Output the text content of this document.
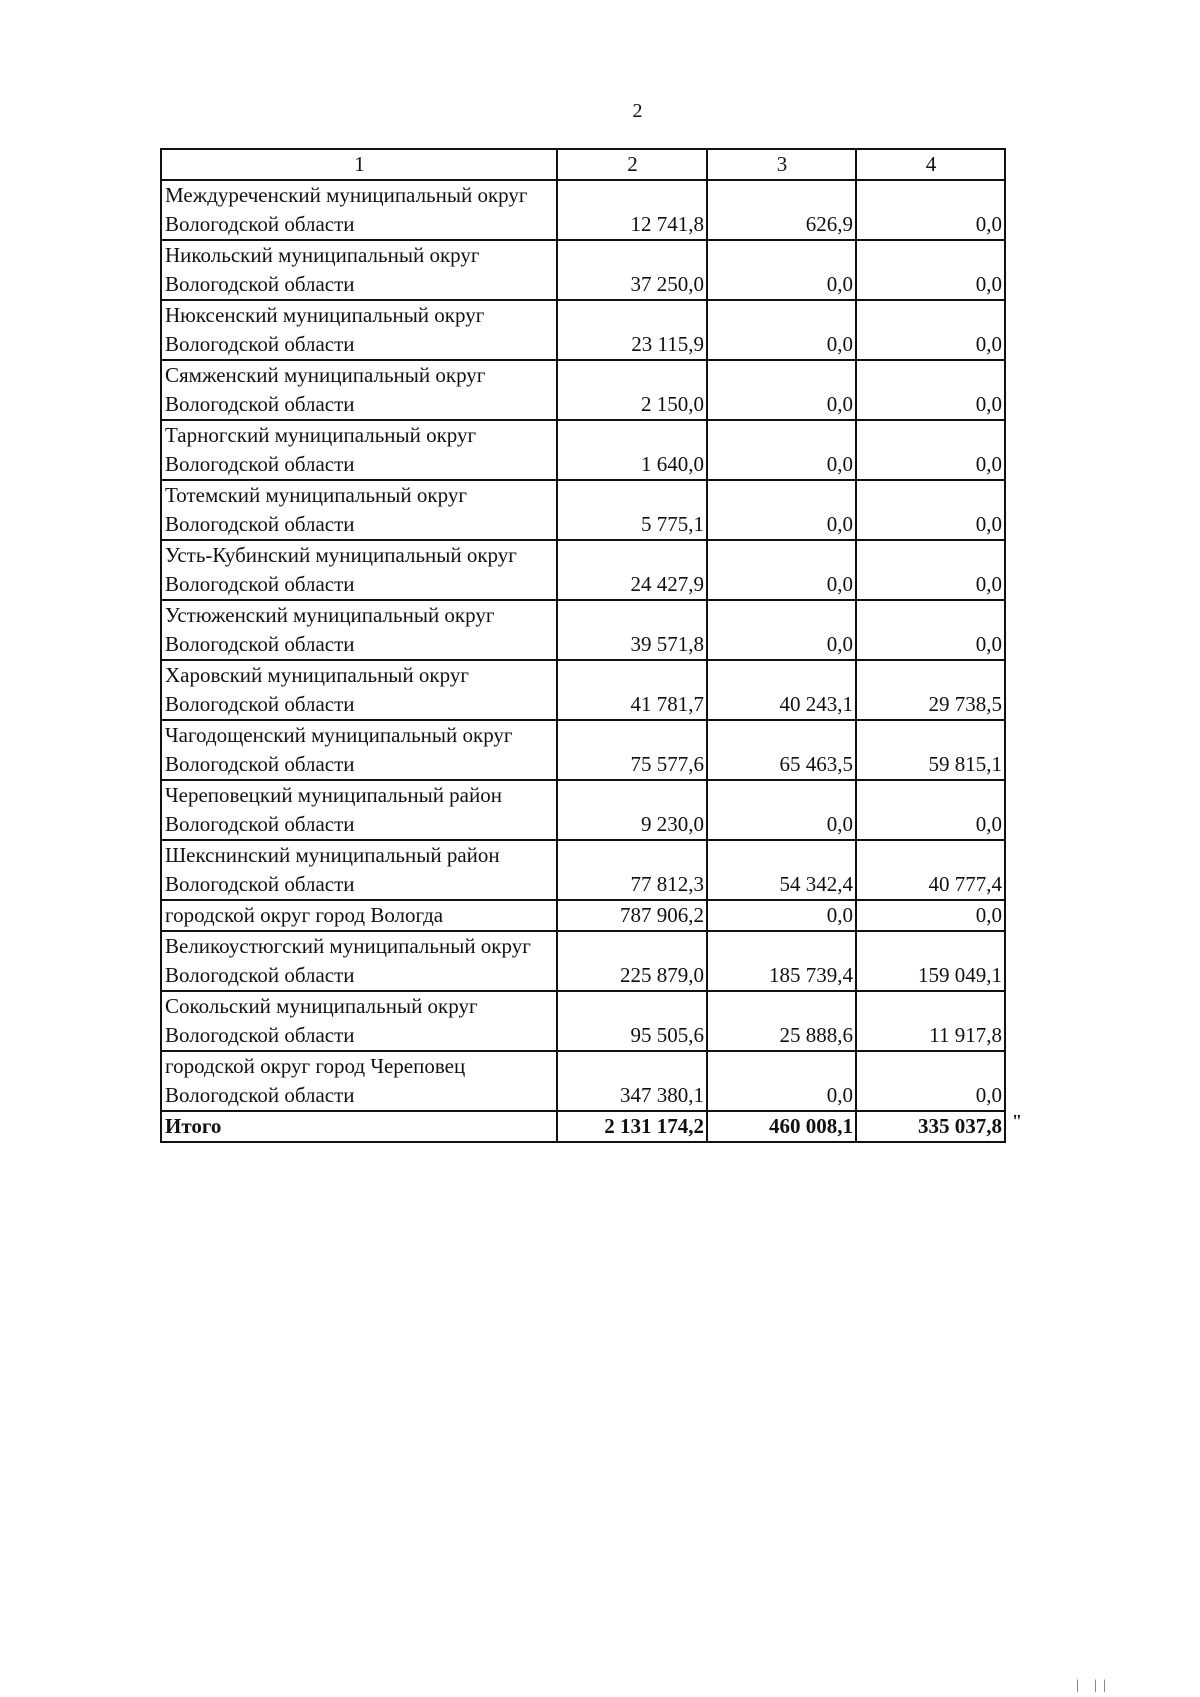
2
1	2	3	4
Междуреченский муниципальный округ Вологодской области	12 741,8	626,9	0,0
Никольский муниципальный округ Вологодской области	37 250,0	0,0	0,0
Нюксенский муниципальный округ Вологодской области	23 115,9	0,0	0,0
Сямженский муниципальный округ Вологодской области	2 150,0	0,0	0,0
Тарногский муниципальный округ Вологодской области	1 640,0	0,0	0,0
Тотемский муниципальный округ Вологодской области	5 775,1	0,0	0,0
Усть-Кубинский муниципальный округ Вологодской области	24 427,9	0,0	0,0
Устюженский муниципальный округ Вологодской области	39 571,8	0,0	0,0
Харовский муниципальный округ Вологодской области	41 781,7	40 243,1	29 738,5
Чагодощенский муниципальный округ Вологодской области	75 577,6	65 463,5	59 815,1
Череповецкий муниципальный район Вологодской области	9 230,0	0,0	0,0
Шекснинский муниципальный район Вологодской области	77 812,3	54 342,4	40 777,4
городской округ город Вологда	787 906,2	0,0	0,0
Великоустюгский муниципальный округ Вологодской области	225 879,0	185 739,4	159 049,1
Сокольский муниципальный округ Вологодской области	95 505,6	25 888,6	11 917,8
городской округ город Череповец Вологодской области	347 380,1	0,0	0,0
Итого	2 131 174,2	460 008,1	335 037,8 "
| ||
